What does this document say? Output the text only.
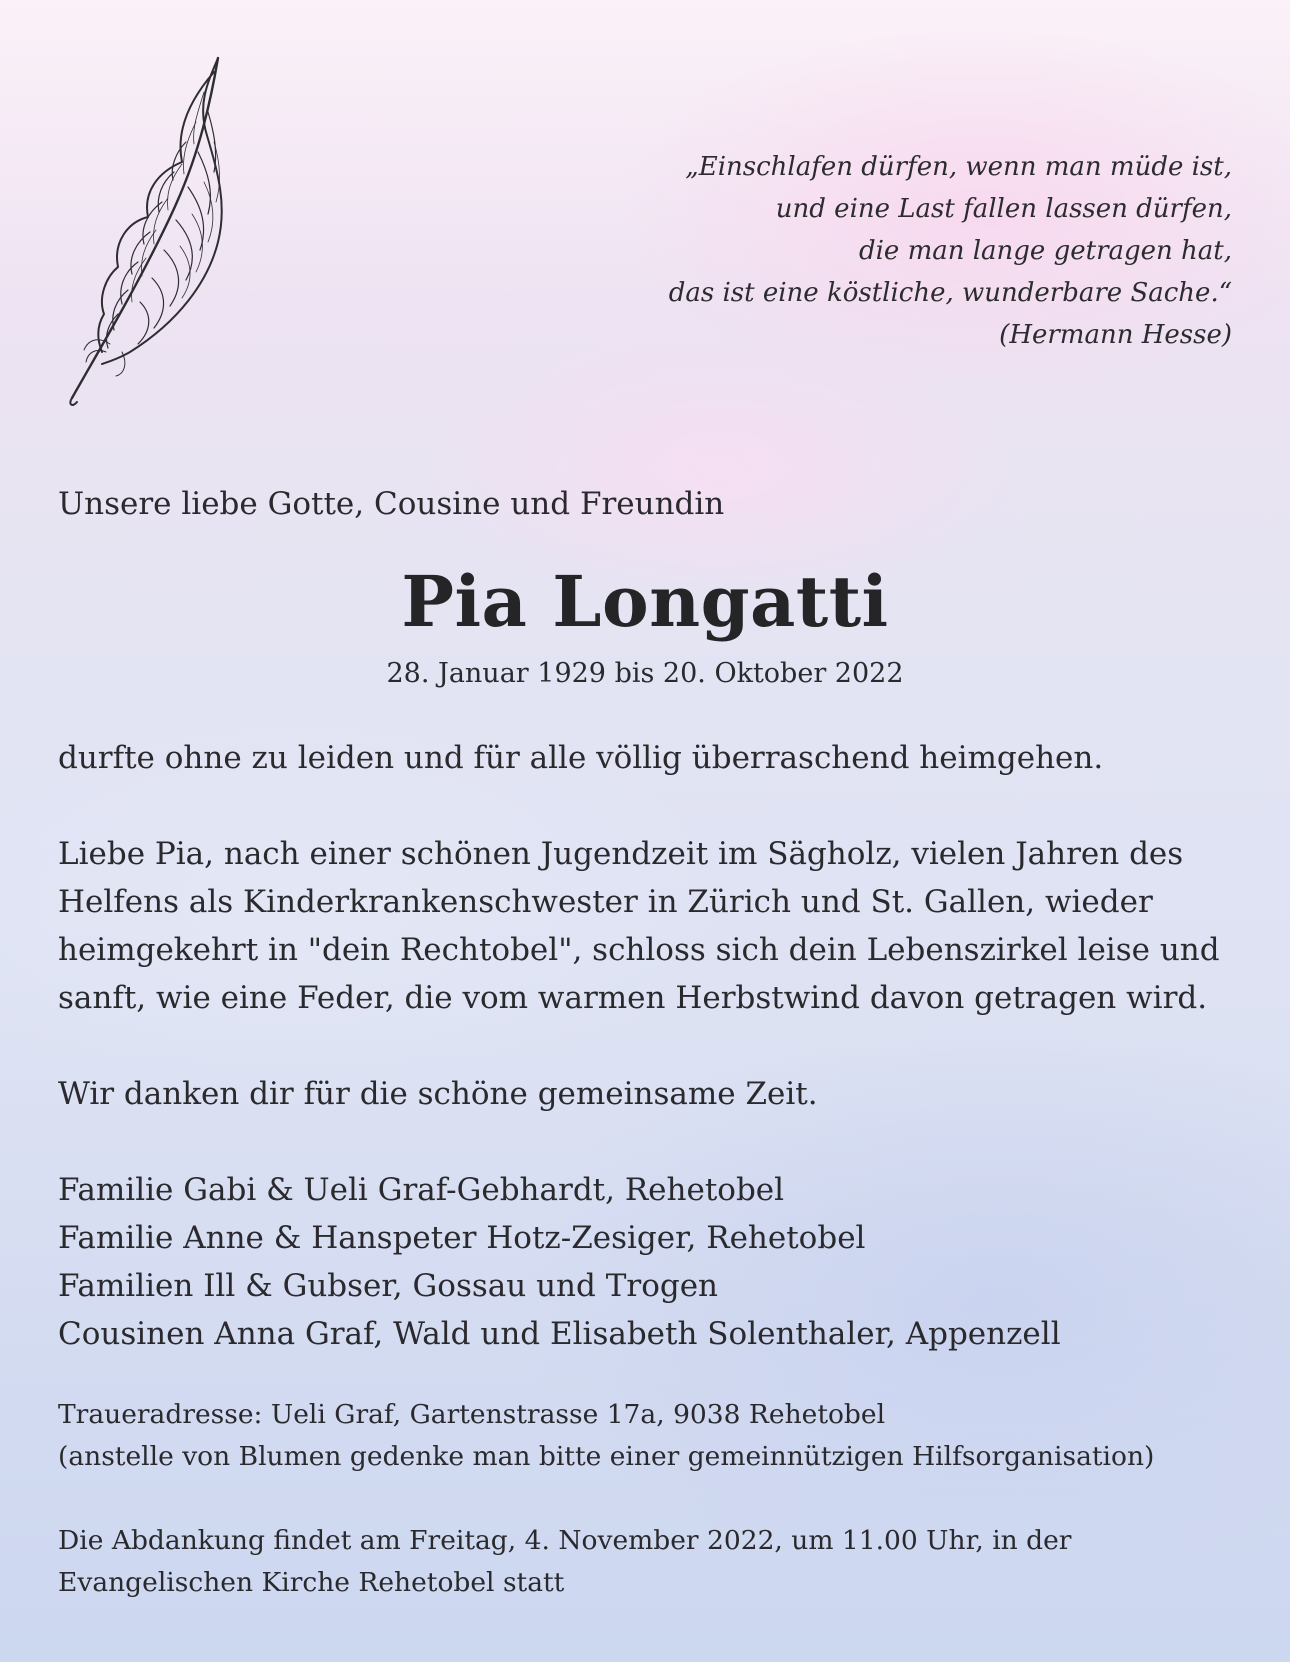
„Einschlafen dürfen, wenn man müde ist,
und eine Last fallen lassen dürfen,
die man lange getragen hat,
das ist eine köstliche, wunderbare Sache.“
(Hermann Hesse)
Unsere liebe Gotte, Cousine und Freundin
Pia Longatti
28. Januar 1929 bis 20. Oktober 2022
durfte ohne zu leiden und für alle völlig überraschend heimgehen.
Liebe Pia, nach einer schönen Jugendzeit im Sägholz, vielen Jahren des
Helfens als Kinderkrankenschwester in Zürich und St. Gallen, wieder
heimgekehrt in "dein Rechtobel", schloss sich dein Lebenszirkel leise und
sanft, wie eine Feder, die vom warmen Herbstwind davon getragen wird.
Wir danken dir für die schöne gemeinsame Zeit.
Familie Gabi & Ueli Graf-Gebhardt, Rehetobel
Familie Anne & Hanspeter Hotz-Zesiger, Rehetobel
Familien Ill & Gubser, Gossau und Trogen
Cousinen Anna Graf, Wald und Elisabeth Solenthaler, Appenzell
Traueradresse: Ueli Graf, Gartenstrasse 17a, 9038 Rehetobel
(anstelle von Blumen gedenke man bitte einer gemeinnützigen Hilfsorganisation)
Die Abdankung findet am Freitag, 4. November 2022, um 11.00 Uhr, in der
Evangelischen Kirche Rehetobel statt
